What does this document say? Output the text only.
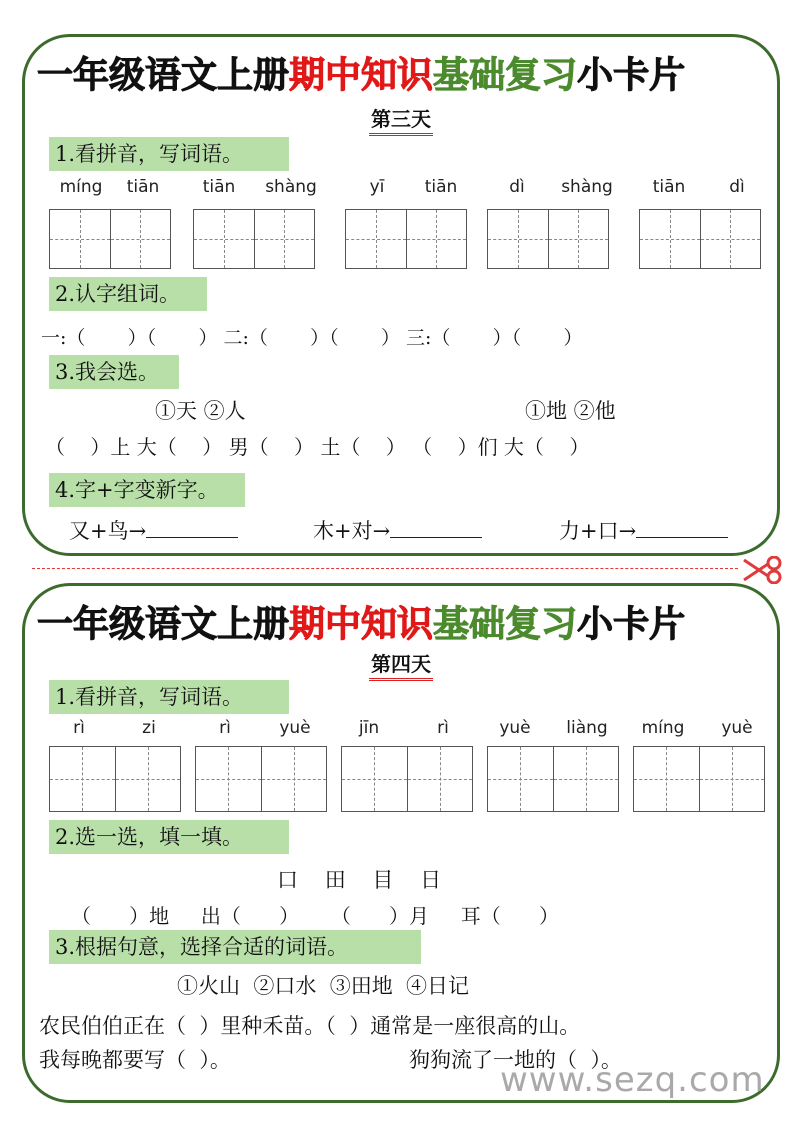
一年级语文上册期中知识基础复习小卡片
第三天
1.看拼音，写词语。
míng	tiān	tiān	shàng	yī	tiān	dì	shàng	tiān	dì
2.认字组词。
一:（       ）（       ） 二:（       ）（       ） 三:（       ）（       ）
3.我会选。
①天 ②人	①地 ②他
（    ）上 大（    ） 男（    ） 土（    ） （    ）们 大（    ）
4.字+字变新字。
又+鸟→	木+对→	力+口→
一年级语文上册期中知识基础复习小卡片
第四天
1.看拼音，写词语。
rì	zi	rì	yuè	jīn	rì	yuè	liàng	míng	yuè
2.选一选，填一填。
口    田    目    日
（      ）地     出（      ）     （      ）月     耳（      ）
3.根据句意，选择合适的词语。
①火山  ②口水  ③田地  ④日记
农民伯伯正在（  ）里种禾苗。（  ）通常是一座很高的山。
我每晚都要写（  ）。	狗狗流了一地的（  ）。
www.sezq.com
